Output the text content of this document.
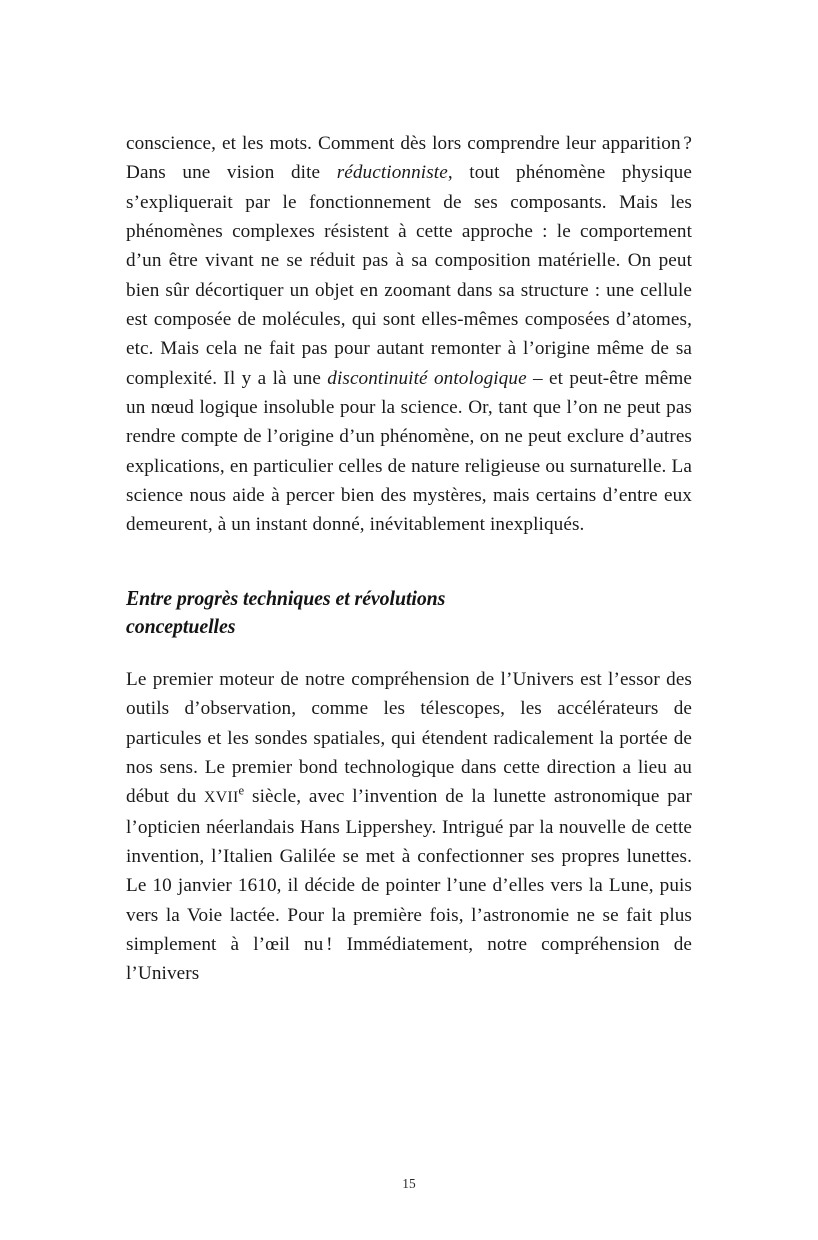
conscience, et les mots. Comment dès lors comprendre leur apparition ? Dans une vision dite réductionniste, tout phénomène physique s’expliquerait par le fonctionnement de ses composants. Mais les phénomènes complexes résistent à cette approche : le comportement d’un être vivant ne se réduit pas à sa composition matérielle. On peut bien sûr décortiquer un objet en zoomant dans sa structure : une cellule est composée de molécules, qui sont elles-mêmes composées d’atomes, etc. Mais cela ne fait pas pour autant remonter à l’origine même de sa complexité. Il y a là une discontinuité ontologique – et peut-être même un nœud logique insoluble pour la science. Or, tant que l’on ne peut pas rendre compte de l’origine d’un phénomène, on ne peut exclure d’autres explications, en particulier celles de nature religieuse ou surnaturelle. La science nous aide à percer bien des mystères, mais certains d’entre eux demeurent, à un instant donné, inévitablement inexpliqués.

Entre progrès techniques et révolutions
conceptuelles

Le premier moteur de notre compréhension de l’Univers est l’essor des outils d’observation, comme les télescopes, les accélérateurs de particules et les sondes spatiales, qui étendent radicalement la portée de nos sens. Le premier bond technologique dans cette direction a lieu au début du XVIIe siècle, avec l’invention de la lunette astronomique par l’opticien néerlandais Hans Lippershey. Intrigué par la nouvelle de cette invention, l’Italien Galilée se met à confectionner ses propres lunettes. Le 10 janvier 1610, il décide de pointer l’une d’elles vers la Lune, puis vers la Voie lactée. Pour la première fois, l’astronomie ne se fait plus simplement à l’œil nu ! Immédiatement, notre compréhension de l’Univers

15
